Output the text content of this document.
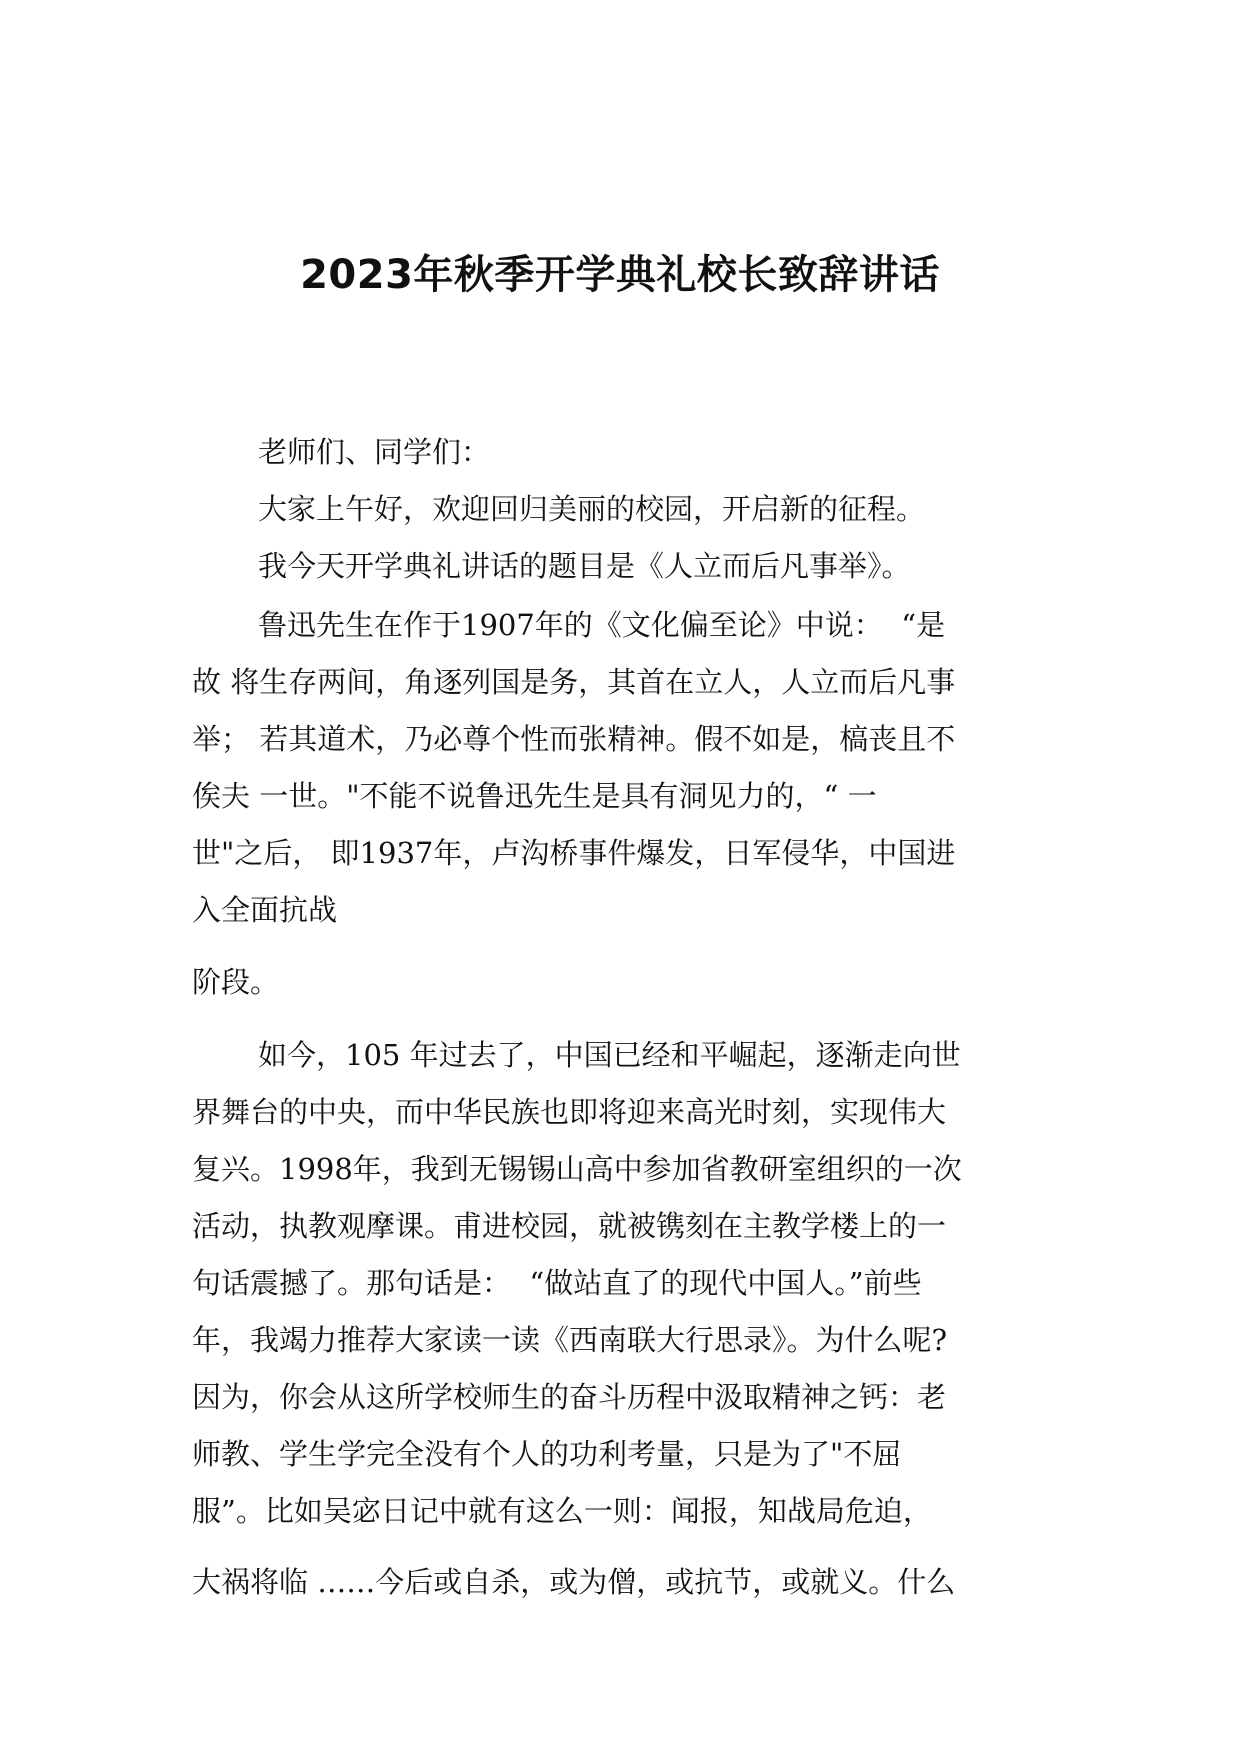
2023年秋季开学典礼校长致辞讲话
老师们、同学们：
大家上午好，欢迎回归美丽的校园，开启新的征程。
我今天开学典礼讲话的题目是《人立而后凡事举》。
鲁迅先生在作于1907年的《文化偏至论》中说：  “是
故 将生存两间，角逐列国是务，其首在立人，人立而后凡事
举； 若其道术，乃必尊个性而张精神。假不如是，槁丧且不
俟夫 一世。"不能不说鲁迅先生是具有洞见力的，“ 一
世"之后， 即1937年，卢沟桥事件爆发，日军侵华，中国进
入全面抗战
阶段。
如今，105 年过去了，中国已经和平崛起，逐渐走向世
界舞台的中央，而中华民族也即将迎来高光时刻，实现伟大
复兴。1998年，我到无锡锡山高中参加省教研室组织的一次
活动，执教观摩课。甫进校园，就被镌刻在主教学楼上的一
句话震撼了。那句话是：  “做站直了的现代中国人。”前些
年，我竭力推荐大家读一读《西南联大行思录》。为什么呢?
因为，你会从这所学校师生的奋斗历程中汲取精神之钙：老
师教、学生学完全没有个人的功利考量，只是为了"不屈
服”。比如吴宓日记中就有这么一则：闻报，知战局危迫，
大祸将临 ……今后或自杀，或为僧，或抗节，或就义。什么
